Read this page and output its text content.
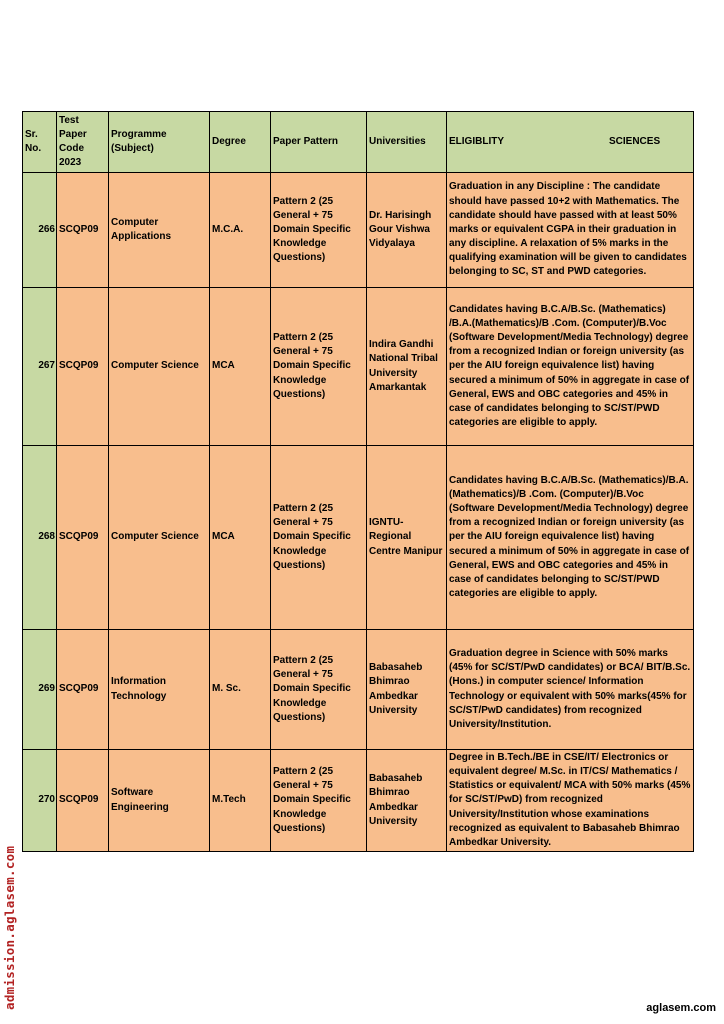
Sr. No.	Test Paper Code 2023	Programme (Subject)	Degree	Paper Pattern	Universities	ELIGIBLITY SCIENCES

266	SCQP09	Computer Applications	M.C.A.	Pattern 2 (25 General + 75 Domain Specific Knowledge Questions)	Dr. Harisingh Gour Vishwa Vidyalaya	Graduation in any Discipline : The candidate should have passed 10+2 with Mathematics. The candidate should have passed with at least 50% marks or equivalent CGPA in their graduation in any discipline. A relaxation of 5% marks in the qualifying examination will be given to candidates belonging to SC, ST and PWD categories.

267	SCQP09	Computer Science	MCA	Pattern 2 (25 General + 75 Domain Specific Knowledge Questions)	Indira Gandhi National Tribal University Amarkantak	Candidates having B.C.A/B.Sc. (Mathematics) /B.A.(Mathematics)/B .Com. (Computer)/B.Voc (Software Development/Media Technology) degree from a recognized Indian or foreign university (as per the AIU foreign equivalence list) having secured a minimum of 50% in aggregate in case of General, EWS and OBC categories and 45% in case of candidates belonging to SC/ST/PWD categories are eligible to apply.

268	SCQP09	Computer Science	MCA	Pattern 2 (25 General + 75 Domain Specific Knowledge Questions)	IGNTU- Regional Centre Manipur	Candidates having B.C.A/B.Sc. (Mathematics)/B.A.(Mathematics)/B .Com. (Computer)/B.Voc (Software Development/Media Technology) degree from a recognized Indian or foreign university (as per the AIU foreign equivalence list) having secured a minimum of 50% in aggregate in case of General, EWS and OBC categories and 45% in case of candidates belonging to SC/ST/PWD categories are eligible to apply.

269	SCQP09	Information Technology	M. Sc.	Pattern 2 (25 General + 75 Domain Specific Knowledge Questions)	Babasaheb Bhimrao Ambedkar University	Graduation degree in Science with 50% marks (45% for SC/ST/PwD candidates) or BCA/ BIT/B.Sc. (Hons.) in computer science/ Information Technology or equivalent with 50% marks(45% for SC/ST/PwD candidates) from recognized University/Institution.

270	SCQP09	Software Engineering	M.Tech	Pattern 2 (25 General + 75 Domain Specific Knowledge Questions)	Babasaheb Bhimrao Ambedkar University	Degree in B.Tech./BE in CSE/IT/ Electronics or equivalent degree/ M.Sc. in IT/CS/ Mathematics / Statistics or equivalent/ MCA with 50% marks (45% for SC/ST/PwD) from recognized University/Institution whose examinations recognized as equivalent to Babasaheb Bhimrao Ambedkar University.
admission.aglasem.com	aglasem.com
